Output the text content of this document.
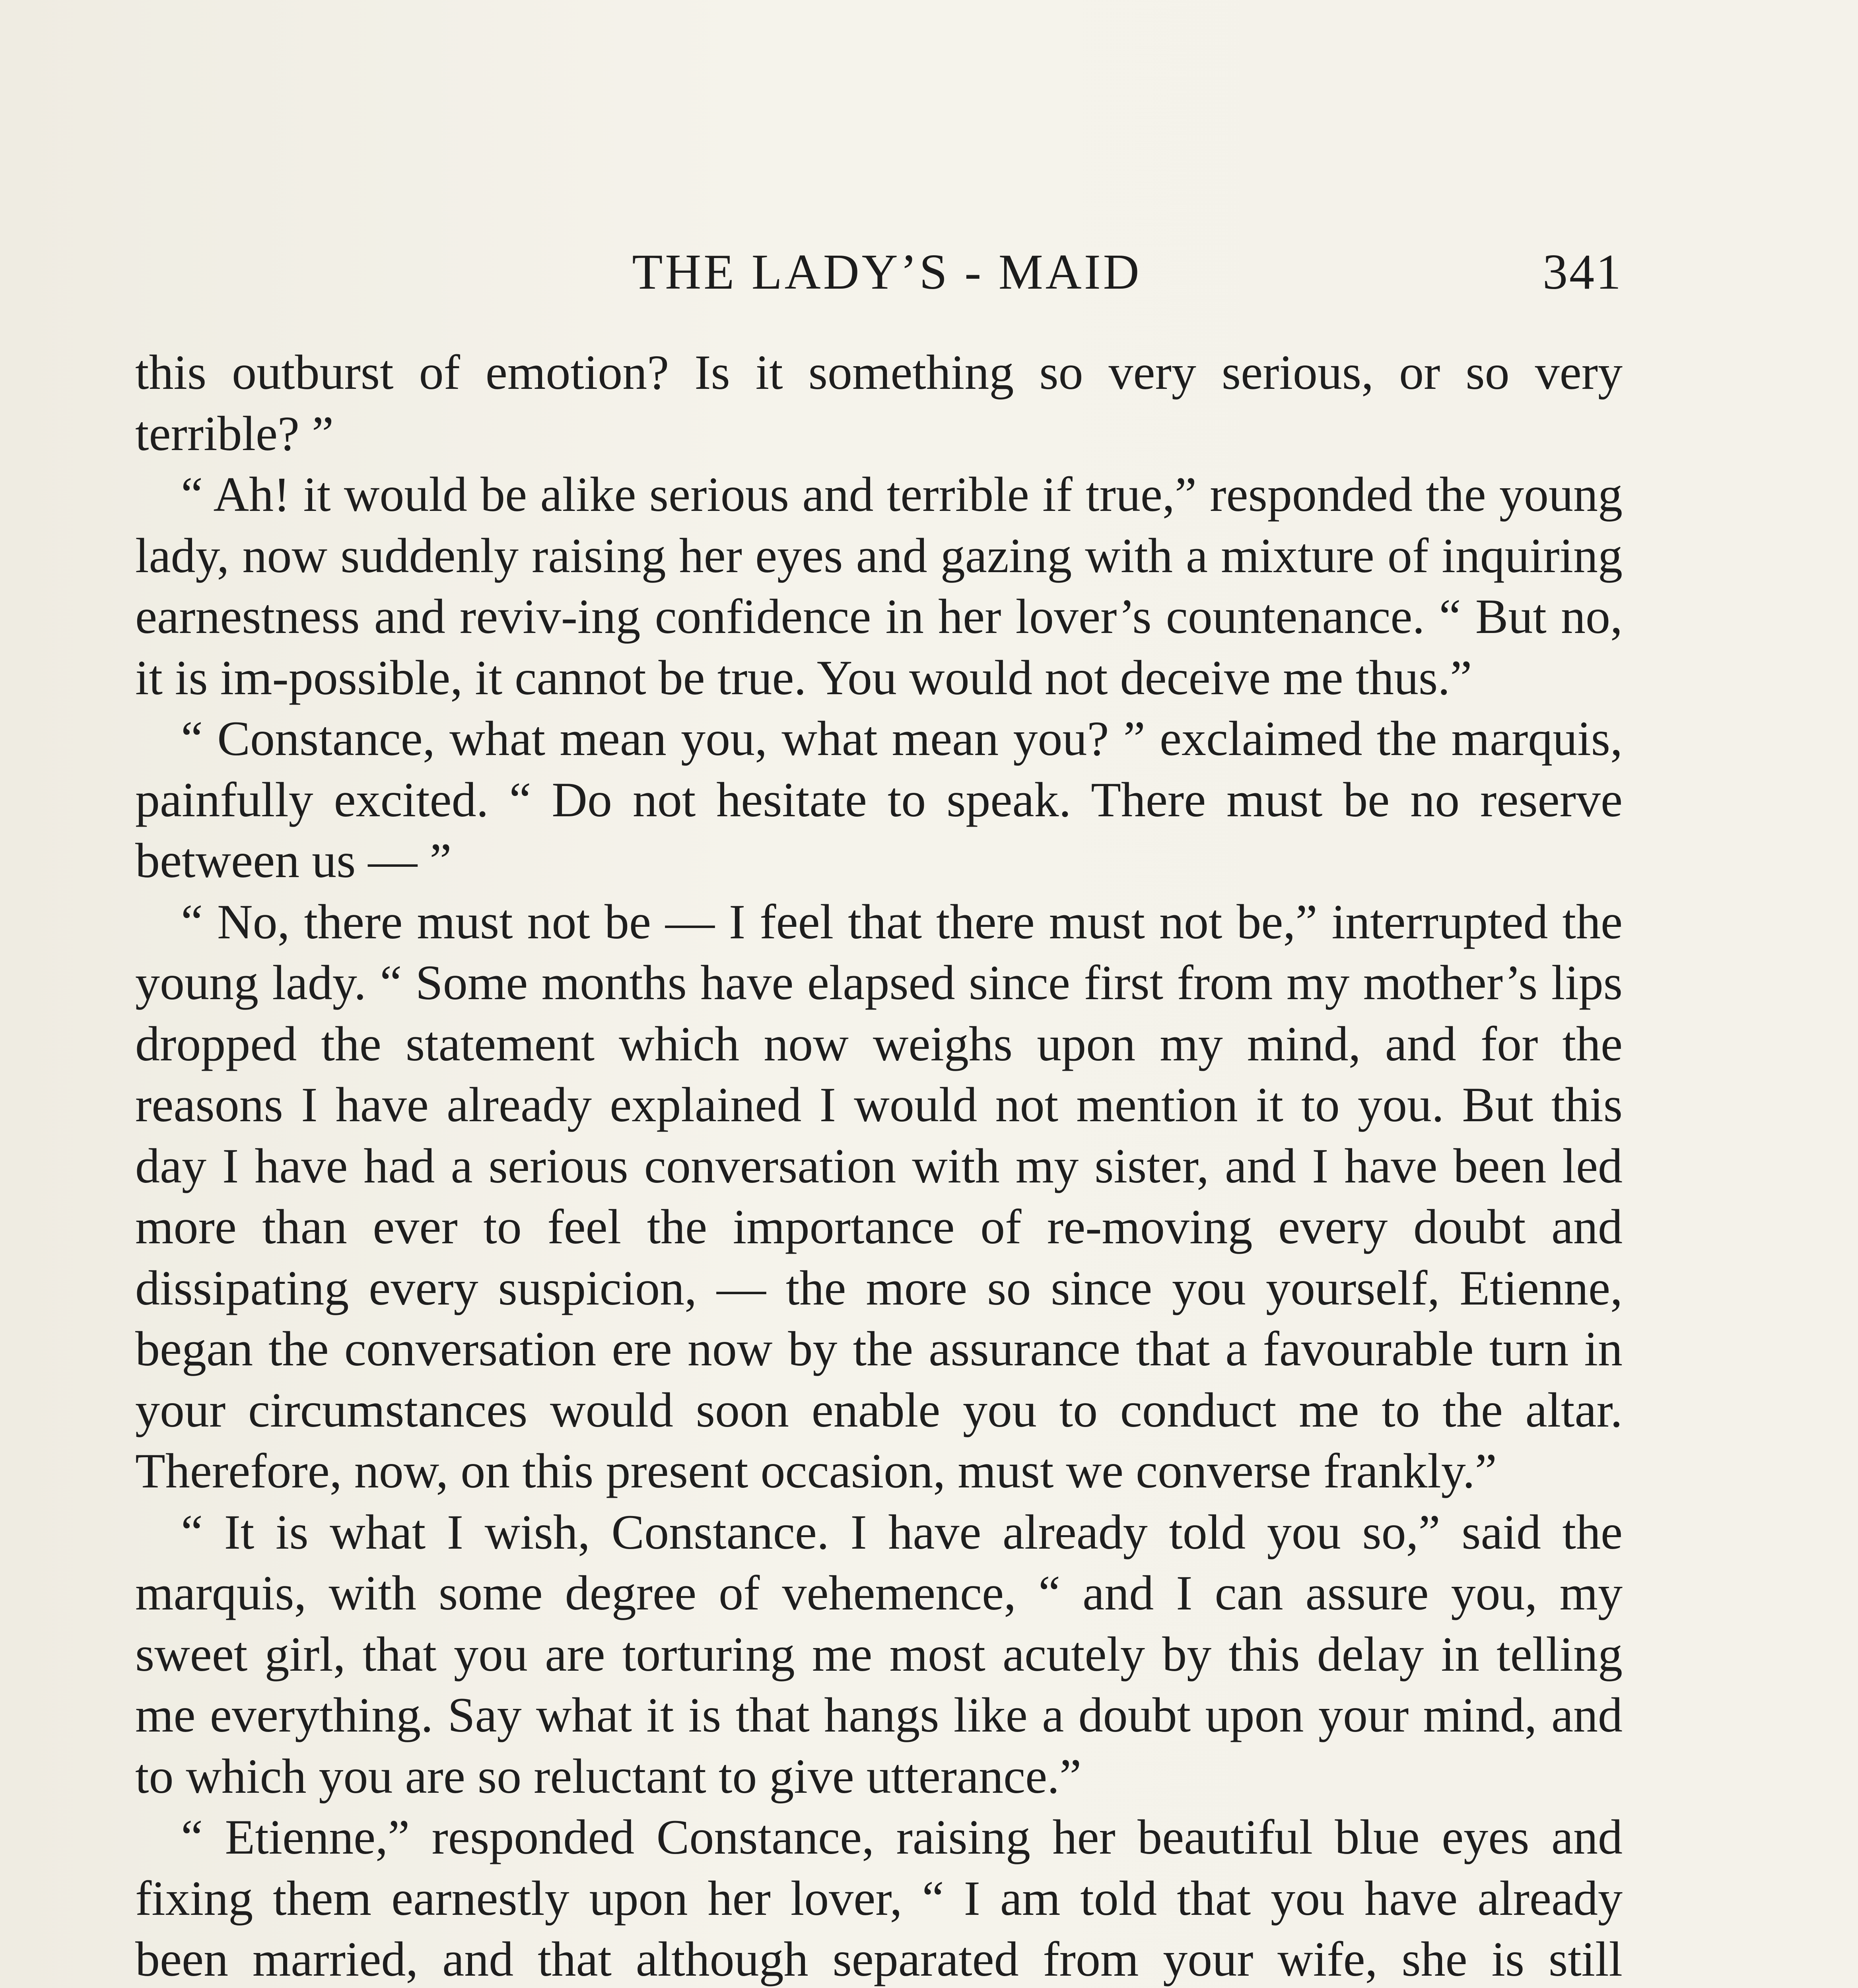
THE LADY’S - MAID	341

this outburst of emotion? Is it something so very serious, or so very terrible? ”

“ Ah! it would be alike serious and terrible if true,” responded the young lady, now suddenly raising her eyes and gazing with a mixture of inquiring earnestness and reviv-ing confidence in her lover’s countenance. “ But no, it is im-possible, it cannot be true. You would not deceive me thus.”

“ Constance, what mean you, what mean you? ” exclaimed the marquis, painfully excited. “ Do not hesitate to speak. There must be no reserve between us — ”

“ No, there must not be — I feel that there must not be,” interrupted the young lady. “ Some months have elapsed since first from my mother’s lips dropped the statement which now weighs upon my mind, and for the reasons I have already explained I would not mention it to you. But this day I have had a serious conversation with my sister, and I have been led more than ever to feel the importance of re-moving every doubt and dissipating every suspicion, — the more so since you yourself, Etienne, began the conversation ere now by the assurance that a favourable turn in your circumstances would soon enable you to conduct me to the altar. Therefore, now, on this present occasion, must we converse frankly.”

“ It is what I wish, Constance. I have already told you so,” said the marquis, with some degree of vehemence, “ and I can assure you, my sweet girl, that you are torturing me most acutely by this delay in telling me everything. Say what it is that hangs like a doubt upon your mind, and to which you are so reluctant to give utterance.”

“ Etienne,” responded Constance, raising her beautiful blue eyes and fixing them earnestly upon her lover, “ I am told that you have already been married, and that although separated from your wife, she is still
